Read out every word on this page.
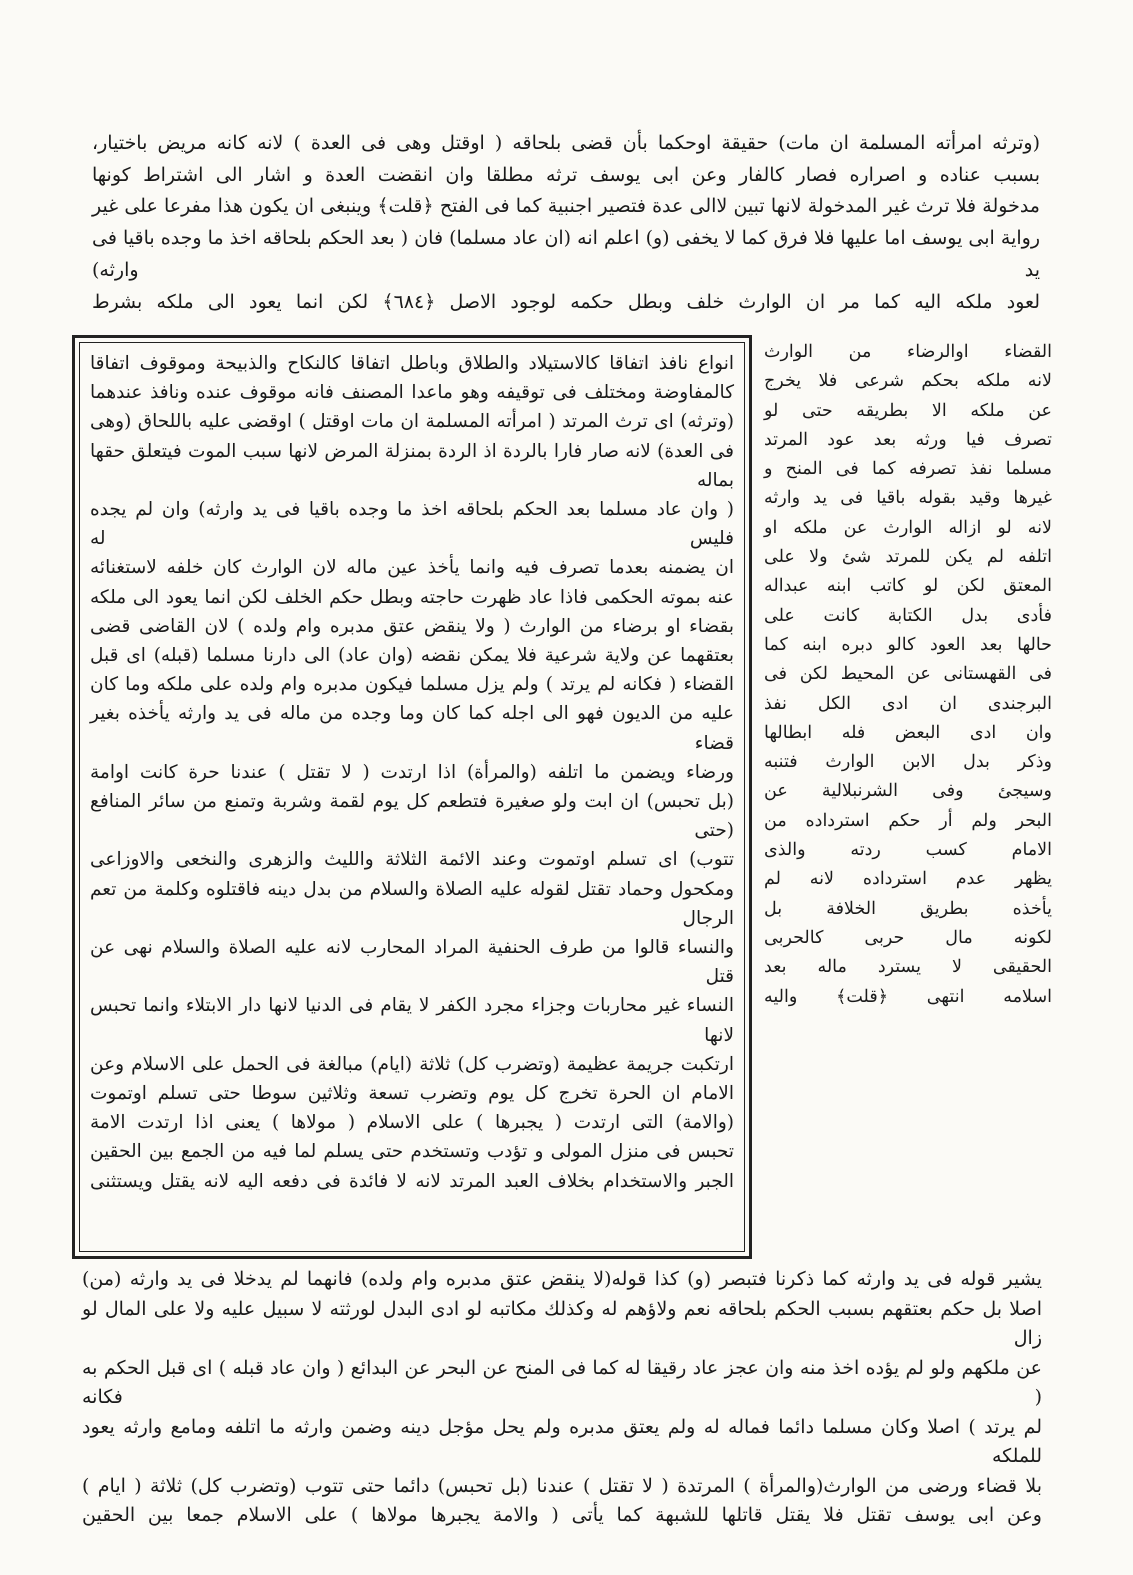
(وترثه امرأته المسلمة ان مات) حقيقة اوحكما بأن قضى بلحاقه ( اوقتل وهى فى العدة ) لانه كانه مريض باختيار،

بسبب عناده و اصراره فصار كالفار وعن ابى يوسف ترثه مطلقا وان انقضت العدة و اشار الى اشتراط كونها

مدخولة فلا ترث غير المدخولة لانها تبين لاالى عدة فتصير اجنبية كما فى الفتح ﴿قلت﴾ وينبغى ان يكون هذا مفرعا على غير

رواية ابى يوسف اما عليها فلا فرق كما لا يخفى (و) اعلم انه (ان عاد مسلما) فان ( بعد الحكم بلحاقه اخذ ما وجده باقيا فى يد وارثه)

لعود ملكه اليه كما مر ان الوارث خلف وبطل حكمه لوجود الاصل ﴿٦٨٤﴾ لكن انما يعود الى ملكه بشرط

القضاء اوالرضاء من الوارث

لانه ملكه بحكم شرعى فلا يخرج

عن ملكه الا بطريقه حتى لو

تصرف فيا ورثه بعد عود المرتد

مسلما نفذ تصرفه كما فى المنح و

غيرها وقيد بقوله باقيا فى يد وارثه

لانه لو ازاله الوارث عن ملكه او

اتلفه لم يكن للمرتد شئ ولا على

المعتق لكن لو كاتب ابنه عبداله

فأدى بدل الكتابة كانت على

حالها بعد العود كالو دبره ابنه كما

فى القهستانى عن المحيط لكن فى

البرجندى ان ادى الكل نفذ

وان ادى البعض فله ابطالها

وذكر بدل الابن الوارث فتنبه

وسيجئ وفى الشرنبلالية عن

البحر ولم أر حكم استرداده من

الامام كسب ردته والذى

يظهر عدم استرداده لانه لم

يأخذه بطريق الخلافة بل

لكونه مال حربى كالحربى

الحقيقى لا يسترد ماله بعد

اسلامه انتهى ﴿قلت﴾ واليه

انواع نافذ اتفاقا كالاستيلاد والطلاق وباطل اتفاقا كالنكاح والذبيحة وموقوف اتفاقا

كالمفاوضة ومختلف فى توقيفه وهو ماعدا المصنف فانه موقوف عنده ونافذ عندهما

(وترثه) اى ترث المرتد ( امرأته المسلمة ان مات اوقتل ) اوقضى عليه باللحاق (وهى

فى العدة) لانه صار فارا بالردة اذ الردة بمنزلة المرض لانها سبب الموت فيتعلق حقها بماله

( وان عاد مسلما بعد الحكم بلحاقه اخذ ما وجده باقيا فى يد وارثه) وان لم يجده فليس له

ان يضمنه بعدما تصرف فيه وانما يأخذ عين ماله لان الوارث كان خلفه لاستغنائه

عنه بموته الحكمى فاذا عاد ظهرت حاجته وبطل حكم الخلف لكن انما يعود الى ملكه

بقضاء او برضاء من الوارث ( ولا ينقض عتق مدبره وام ولده ) لان القاضى قضى

بعتقهما عن ولاية شرعية فلا يمكن نقضه (وان عاد) الى دارنا مسلما (قبله) اى قبل

القضاء ( فكانه لم يرتد ) ولم يزل مسلما فيكون مدبره وام ولده على ملكه وما كان

عليه من الديون فهو الى اجله كما كان وما وجده من ماله فى يد وارثه يأخذه بغير قضاء

ورضاء ويضمن ما اتلفه (والمرأة) اذا ارتدت ( لا تقتل ) عندنا حرة كانت اوامة

(بل تحبس) ان ابت ولو صغيرة فتطعم كل يوم لقمة وشربة وتمنع من سائر المنافع (حتى

تتوب) اى تسلم اوتموت وعند الائمة الثلاثة والليث والزهرى والنخعى والاوزاعى

ومكحول وحماد تقتل لقوله عليه الصلاة والسلام من بدل دينه فاقتلوه وكلمة من تعم الرجال

والنساء قالوا من طرف الحنفية المراد المحارب لانه عليه الصلاة والسلام نهى عن قتل

النساء غير محاربات وجزاء مجرد الكفر لا يقام فى الدنيا لانها دار الابتلاء وانما تحبس لانها

ارتكبت جريمة عظيمة (وتضرب كل) ثلاثة (ايام) مبالغة فى الحمل على الاسلام وعن

الامام ان الحرة تخرج كل يوم وتضرب تسعة وثلاثين سوطا حتى تسلم اوتموت

(والامة) التى ارتدت ( يجبرها ) على الاسلام ( مولاها ) يعنى اذا ارتدت الامة

تحبس فى منزل المولى و تؤدب وتستخدم حتى يسلم لما فيه من الجمع بين الحقين

الجبر والاستخدام بخلاف العبد المرتد لانه لا فائدة فى دفعه اليه لانه يقتل ويستثنى

يشير قوله فى يد وارثه كما ذكرنا فتبصر (و) كذا قوله(لا ينقض عتق مدبره وام ولده) فانهما لم يدخلا فى يد وارثه (من)

اصلا بل حكم بعتقهم بسبب الحكم بلحاقه نعم ولاؤهم له وكذلك مكاتبه لو ادى البدل لورثته لا سبيل عليه ولا على المال لو زال

عن ملكهم ولو لم يؤده اخذ منه وان عجز عاد رقيقا له كما فى المنح عن البحر عن البدائع ( وان عاد قبله ) اى قبل الحكم به ( فكانه

لم يرتد ) اصلا وكان مسلما دائما فماله له ولم يعتق مدبره ولم يحل مؤجل دينه وضمن وارثه ما اتلفه ومامع وارثه يعود للملكه

بلا قضاء ورضى من الوارث(والمرأة ) المرتدة ( لا تقتل ) عندنا (بل تحبس) دائما حتى تتوب (وتضرب كل) ثلاثة ( ايام )

وعن ابى يوسف تقتل فلا يقتل قاتلها للشبهة كما يأتى ( والامة يجبرها مولاها ) على الاسلام جمعا بين الحقين
